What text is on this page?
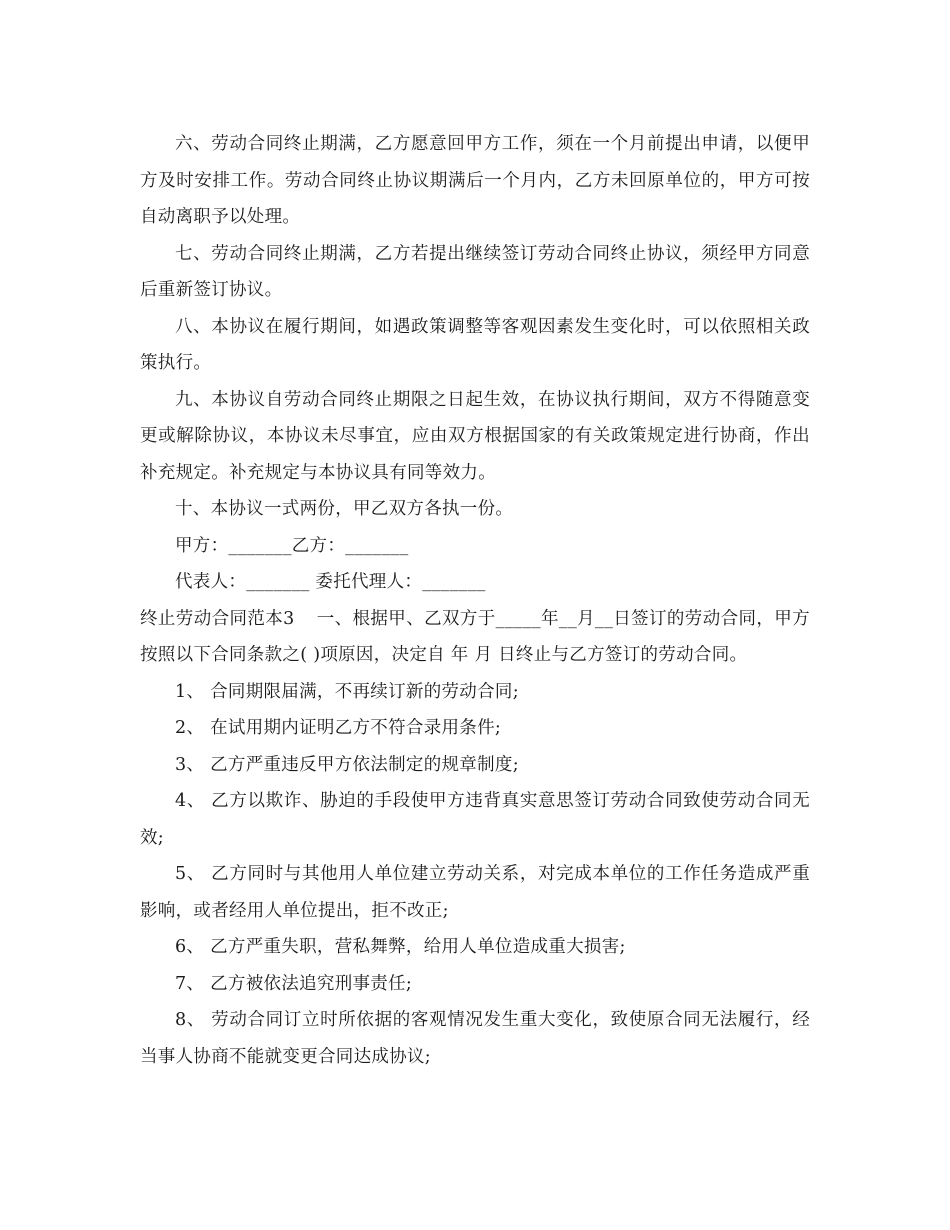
六、劳动合同终止期满，乙方愿意回甲方工作，须在一个月前提出申请，以便甲方及时安排工作。劳动合同终止协议期满后一个月内，乙方未回原单位的，甲方可按自动离职予以处理。

七、劳动合同终止期满，乙方若提出继续签订劳动合同终止协议，须经甲方同意后重新签订协议。

八、本协议在履行期间，如遇政策调整等客观因素发生变化时，可以依照相关政策执行。

九、本协议自劳动合同终止期限之日起生效，在协议执行期间，双方不得随意变更或解除协议，本协议未尽事宜，应由双方根据国家的有关政策规定进行协商，作出补充规定。补充规定与本协议具有同等效力。

十、本协议一式两份，甲乙双方各执一份。

甲方：_______乙方：_______

代表人：_______ 委托代理人：_______

终止劳动合同范本3 一、根据甲、乙双方于_____年__月__日签订的劳动合同，甲方按照以下合同条款之( )项原因，决定自 年 月 日终止与乙方签订的劳动合同。

1、 合同期限届满，不再续订新的劳动合同;

2、 在试用期内证明乙方不符合录用条件;

3、 乙方严重违反甲方依法制定的规章制度;

4、 乙方以欺诈、胁迫的手段使甲方违背真实意思签订劳动合同致使劳动合同无效;

5、 乙方同时与其他用人单位建立劳动关系，对完成本单位的工作任务造成严重影响，或者经用人单位提出，拒不改正;

6、 乙方严重失职，营私舞弊，给用人单位造成重大损害;

7、 乙方被依法追究刑事责任;

8、 劳动合同订立时所依据的客观情况发生重大变化，致使原合同无法履行，经当事人协商不能就变更合同达成协议;
